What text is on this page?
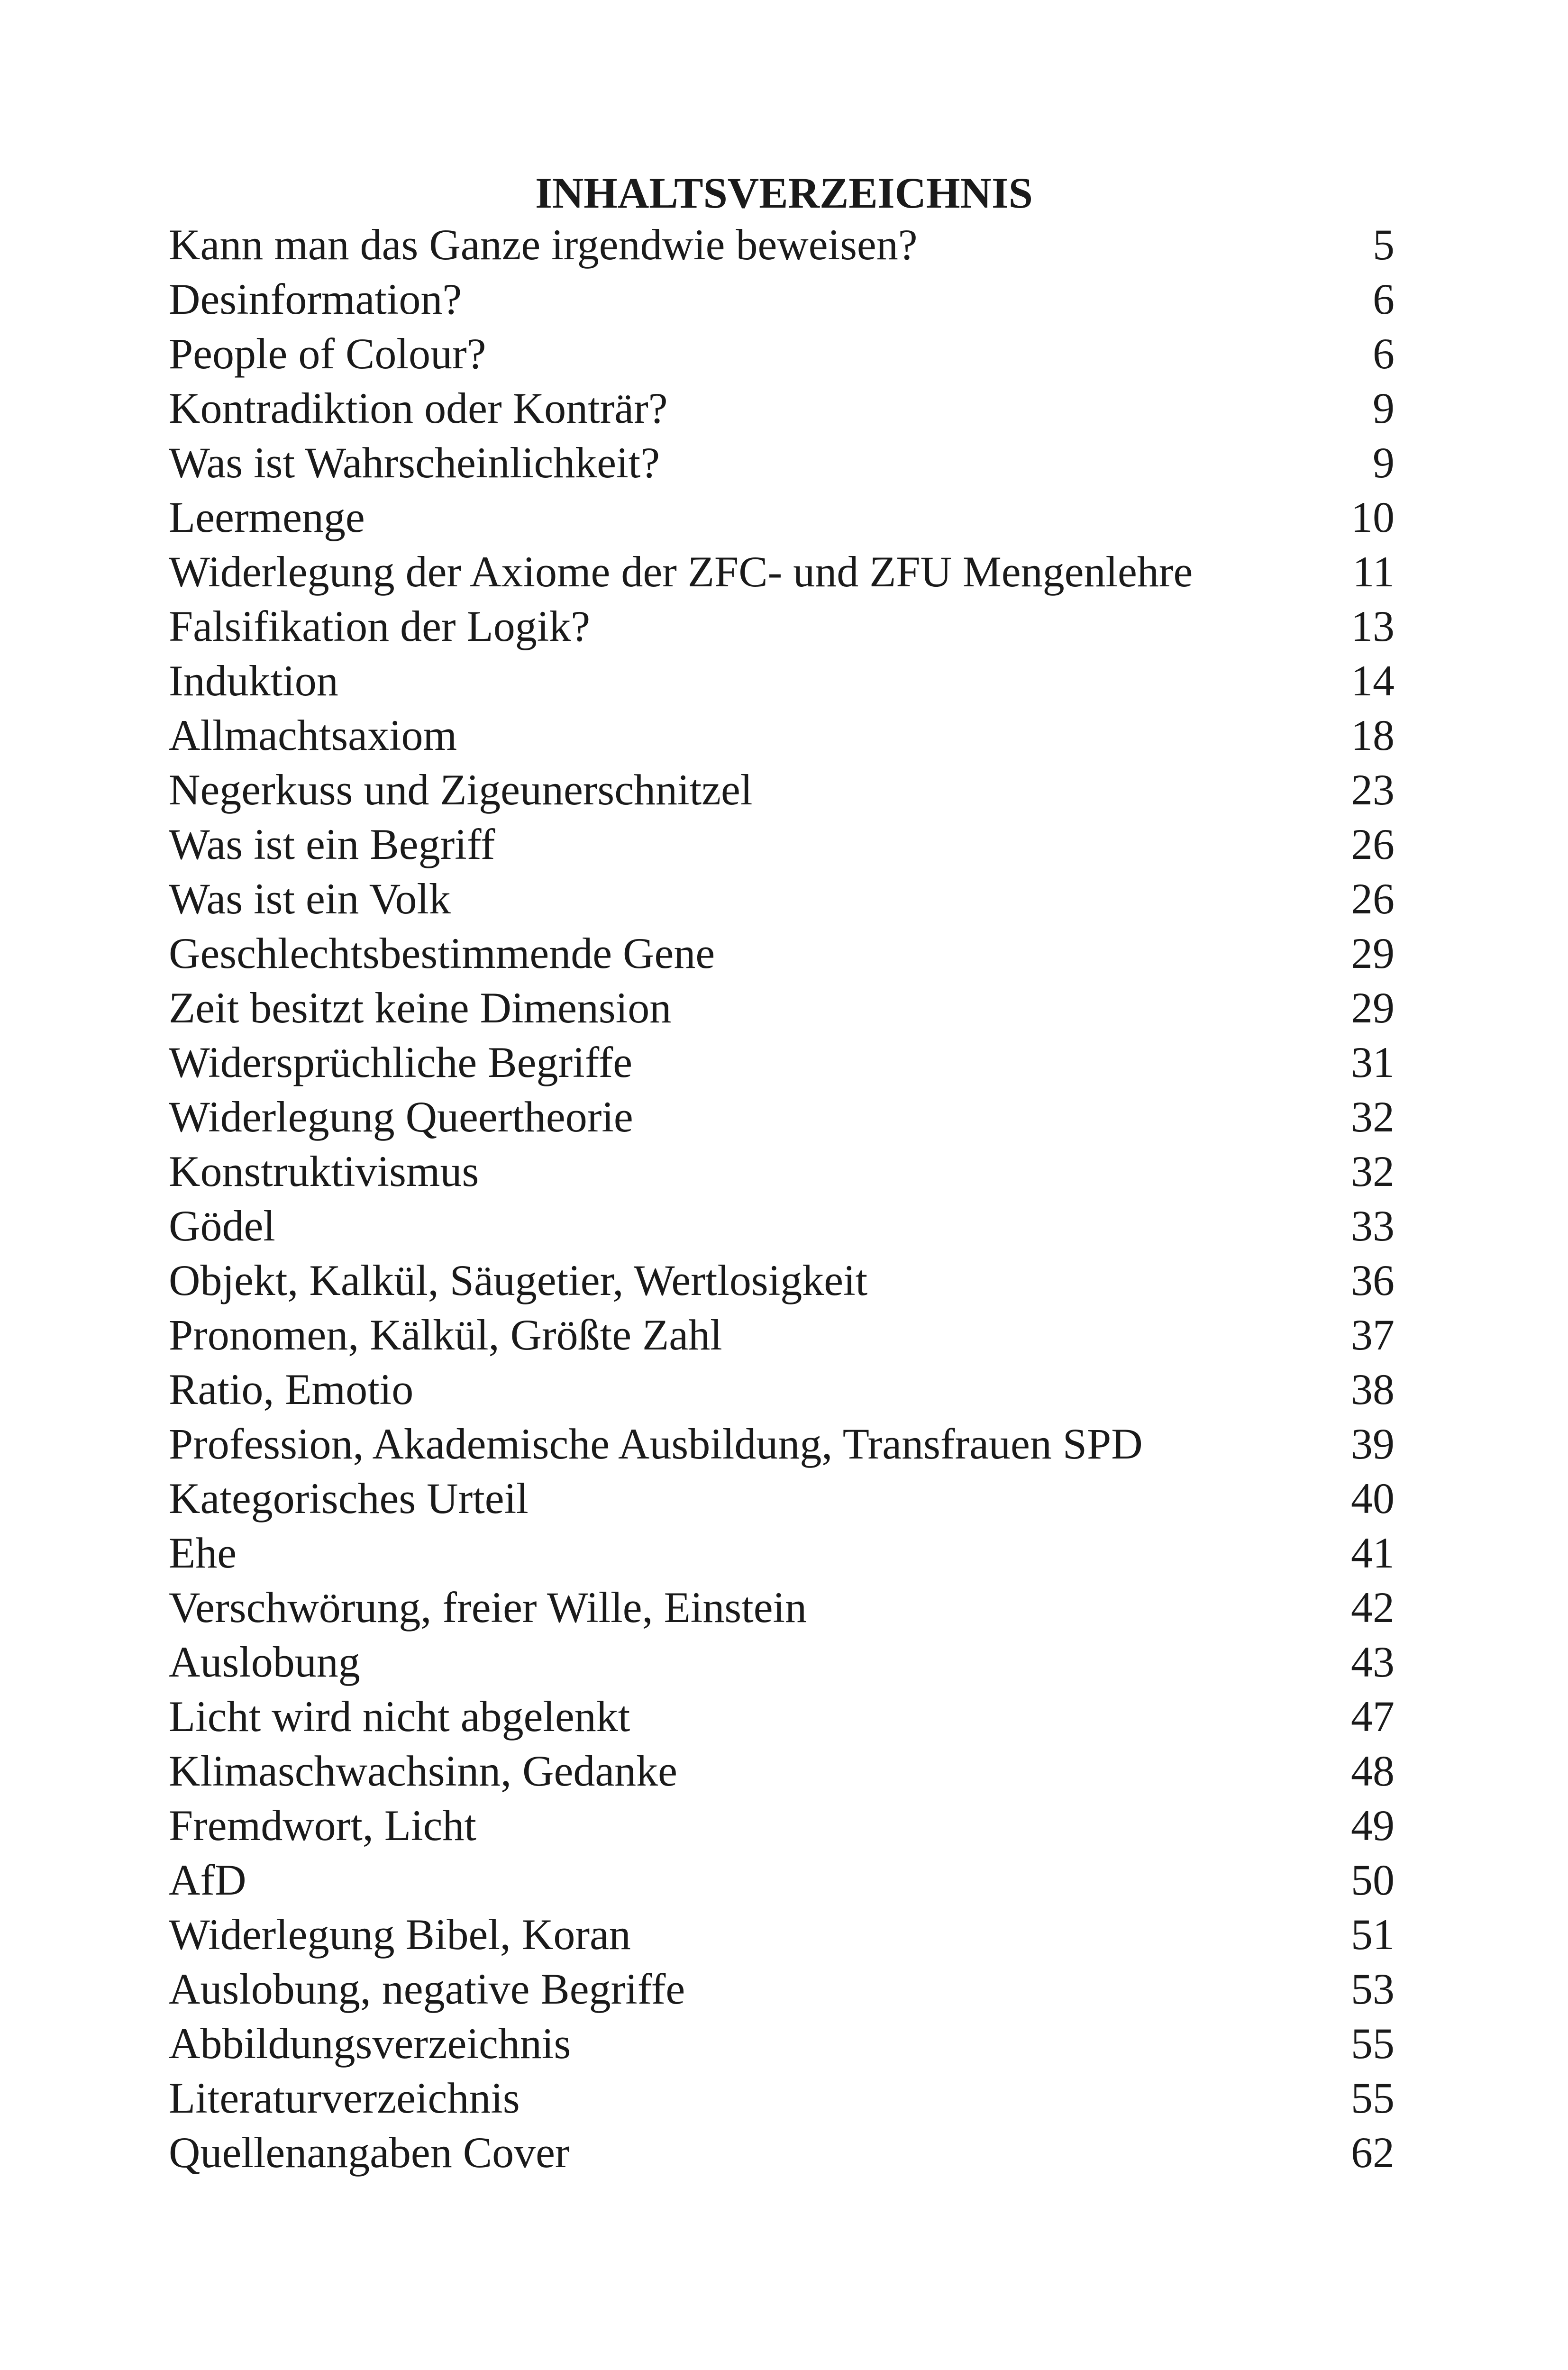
INHALTSVERZEICHNIS
Kann man das Ganze irgendwie beweisen?	5
Desinformation?	6
People of Colour?	6
Kontradiktion oder Konträr?	9
Was ist Wahrscheinlichkeit?	9
Leermenge	10
Widerlegung der Axiome der ZFC- und ZFU Mengenlehre	11
Falsifikation der Logik?	13
Induktion	14
Allmachtsaxiom	18
Negerkuss und Zigeunerschnitzel	23
Was ist ein Begriff	26
Was ist ein Volk	26
Geschlechtsbestimmende Gene	29
Zeit besitzt keine Dimension	29
Widersprüchliche Begriffe	31
Widerlegung Queertheorie	32
Konstruktivismus	32
Gödel	33
Objekt, Kalkül, Säugetier, Wertlosigkeit	36
Pronomen, Kälkül, Größte Zahl	37
Ratio, Emotio	38
Profession, Akademische Ausbildung, Transfrauen SPD	39
Kategorisches Urteil	40
Ehe	41
Verschwörung, freier Wille, Einstein	42
Auslobung	43
Licht wird nicht abgelenkt	47
Klimaschwachsinn, Gedanke	48
Fremdwort, Licht	49
AfD	50
Widerlegung Bibel, Koran	51
Auslobung, negative Begriffe	53
Abbildungsverzeichnis	55
Literaturverzeichnis	55
Quellenangaben Cover	62
